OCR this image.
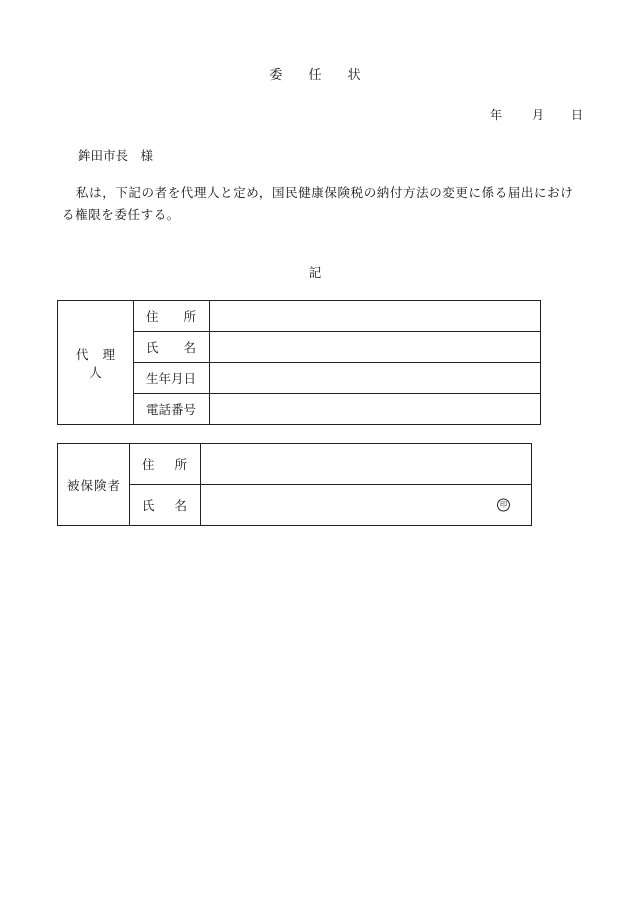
委 任 状
年 月 日
鉾田市長　様
私は，下記の者を代理人と定め，国民健康保険税の納付方法の変更に係る届出における権限を委任する。
記
代 理 人	住 所	

	氏 名	

	生 年 月 日	

	電 話 番 号	

被保険者	住 所	

	氏 名	印
